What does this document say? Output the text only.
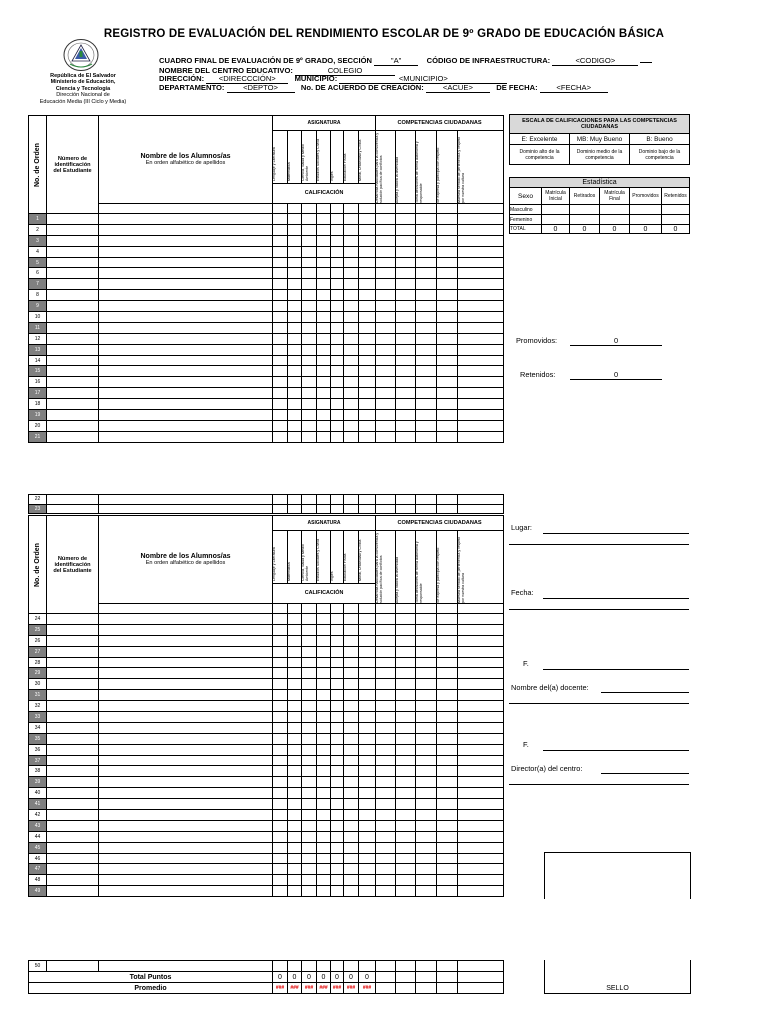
REGISTRO DE EVALUACIÓN DEL RENDIMIENTO ESCOLAR DE 9º GRADO DE EDUCACIÓN BÁSICA
República de El Salvador
Ministerio de Educación,
Ciencia y Tecnología
Dirección Nacional de
Educación Media (III Ciclo y Media)
CUADRO FINAL DE EVALUACIÓN DE 9º GRADO, SECCIÓN "A"	CÓDIGO DE INFRAESTRUCTURA:	<CODIGO>
NOMBRE DEL CENTRO EDUCATIVO:	COLEGIO
DIRECCIÓN: <DIRECCCIÓN> MUNICIPIO:	<MUNICIPIO>
DEPARTAMENTO: <DEPTO>	No. DE ACUERDO DE CREACIÓN:	<ACUE>	DE FECHA: <FECHA>
No. de Orden	Número de identificación del Estudiante	Nombre de los Alumnos/as
En orden alfabético de apellidos	ASIGNATURA							COMPETENCIAS CIUDADANAS				

			Lenguaje y Literatura	Matemática	Ciencia, Salud y Medio Ambiente	Estudios Sociales y Cívica	Inglés	Educación Física	Moral, Urbanidad y Cívica	Desarrolla habilidades para la convivencia y solución pacífica de conflictos	Acepta y valora la diversidad	Toma decisiones de forma autónoma y responsable	Se expresa y participa con respeto	Muestra sentido de pertenencia y respeto por nuestra cultura

			CALIFICACIÓN											

1														
2														
3														
4														
5														
6														
7														
8														
9														
10														
11														
12														
13														
14														
15														
16														
17														
18														
19														
20														
21														
22														
23														
No. de Orden	Número de identificación del Estudiante	Nombre de los Alumnos/as
En orden alfabético de apellidos	ASIGNATURA							COMPETENCIAS CIUDADANAS				

			Lenguaje y Literatura	Matemática	Ciencia, Salud y Medio Ambiente	Estudios Sociales y Cívica	Inglés	Educación Física	Moral, Urbanidad y Cívica	Desarrolla habilidades para la convivencia y solución pacífica de conflictos	Acepta y valora la diversidad	Toma decisiones de forma autónoma y responsable	Se expresa y participa con respeto	Muestra sentido de pertenencia y respeto por nuestra cultura

			CALIFICACIÓN											

24														
25														
26														
27														
28														
29														
30														
31														
32														
33														
34														
35														
36														
37														
38														
39														
40														
41														
42														
43														
44														
45														
46														
47														
48														
49														
50														
Total Puntos			0	0	0	0	0	0	0					
Promedio			###	###	###	###	###	###	###					
ESCALA DE CALIFICACIONES PARA LAS COMPETENCIAS CIUDADANAS		
E: Excelente	MB: Muy Bueno	B: Bueno
Dominio alto de la competencia	Dominio medio de la competencia	Dominio bajo de la competencia
Estadística					
Sexo	Matrícula Inicial	Retirados	Matrícula Final	Promovidos	Retenidos
Masculino					
Femenino					
TOTAL	0	0	0	0	0
Promovidos:	0
Retenidos:	0
Lugar:
Fecha:
F.
Nombre del(a) docente:
F.
Director(a) del centro:
SELLO
